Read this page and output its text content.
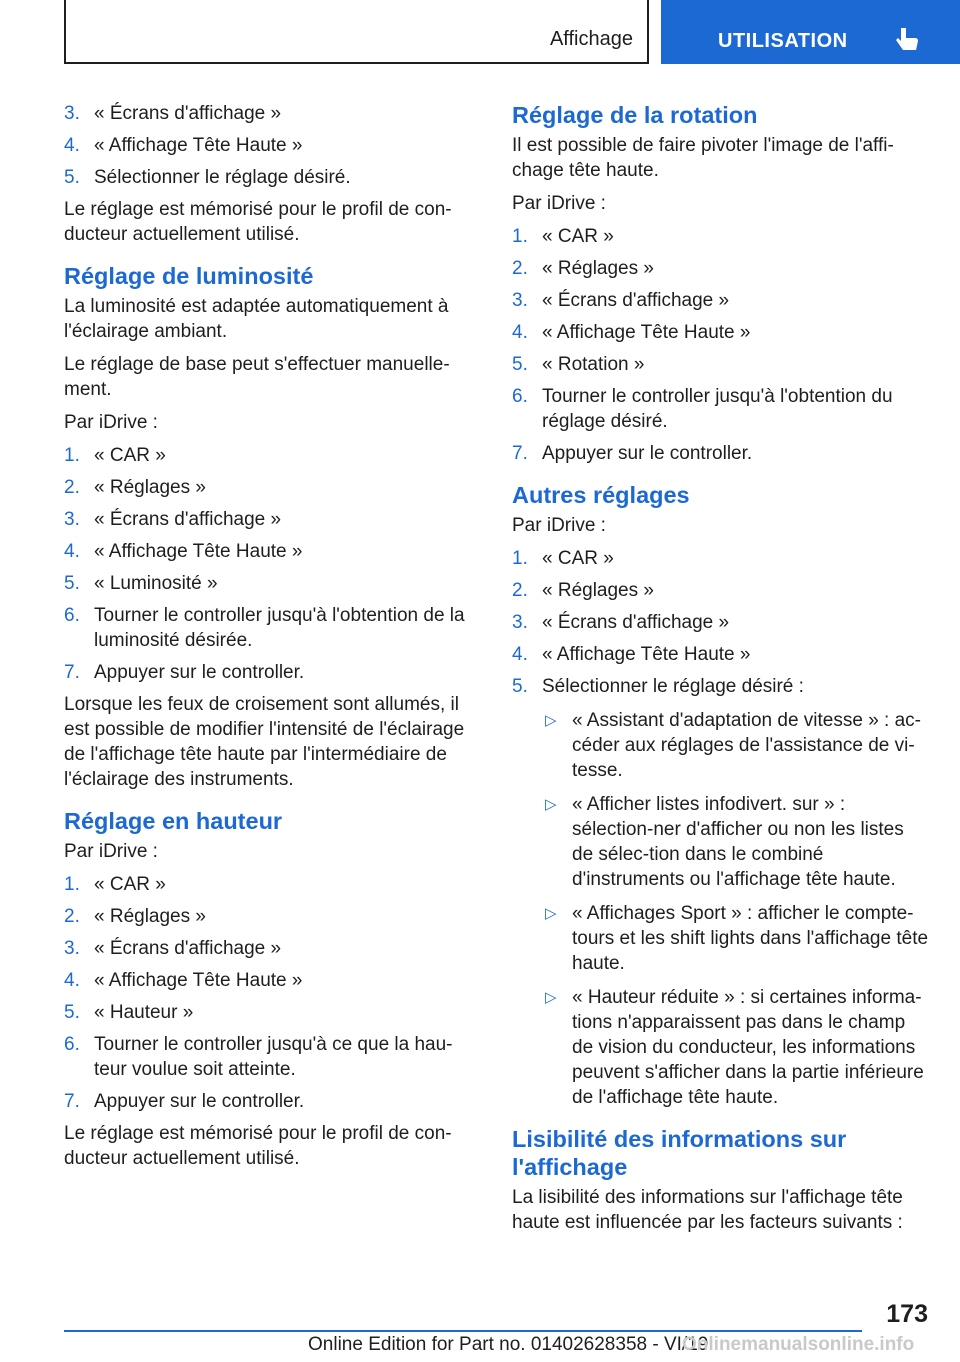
Affichage	UTILISATION
3. « Écrans d'affichage »
4. « Affichage Tête Haute »
5. Sélectionner le réglage désiré.

Le réglage est mémorisé pour le profil de con‐ducteur actuellement utilisé.

Réglage de luminosité

La luminosité est adaptée automatiquement à l'éclairage ambiant.

Le réglage de base peut s'effectuer manuelle‐ment.

Par iDrive :

1. « CAR »
2. « Réglages »
3. « Écrans d'affichage »
4. « Affichage Tête Haute »
5. « Luminosité »
6. Tourner le controller jusqu'à l'obtention de la luminosité désirée.
7. Appuyer sur le controller.

Lorsque les feux de croisement sont allumés, il est possible de modifier l'intensité de l'éclairage de l'affichage tête haute par l'intermédiaire de l'éclairage des instruments.

Réglage en hauteur

Par iDrive :

1. « CAR »
2. « Réglages »
3. « Écrans d'affichage »
4. « Affichage Tête Haute »
5. « Hauteur »
6. Tourner le controller jusqu'à ce que la hau‐teur voulue soit atteinte.
7. Appuyer sur le controller.

Le réglage est mémorisé pour le profil de con‐ducteur actuellement utilisé.

Réglage de la rotation

Il est possible de faire pivoter l'image de l'affi‐chage tête haute.

Par iDrive :

1. « CAR »
2. « Réglages »
3. « Écrans d'affichage »
4. « Affichage Tête Haute »
5. « Rotation »
6. Tourner le controller jusqu'à l'obtention du réglage désiré.
7. Appuyer sur le controller.
Autres réglages

Par iDrive :

1. « CAR »
2. « Réglages »
3. « Écrans d'affichage »
4. « Affichage Tête Haute »
5. Sélectionner le réglage désiré :
▷ « Assistant d'adaptation de vitesse » : ac‐céder aux réglages de l'assistance de vi‐tesse.
▷ « Afficher listes infodivert. sur » : sélection‐ner d'afficher ou non les listes de sélec‐tion dans le combiné d'instruments ou l'affichage tête haute.
▷ « Affichages Sport » : afficher le compte-tours et les shift lights dans l'affichage tête haute.
▷ « Hauteur réduite » : si certaines informa‐tions n'apparaissent pas dans le champ de vision du conducteur, les informations peuvent s'afficher dans la partie inférieure de l'affichage tête haute.
Lisibilité des informations sur l'affichage

La lisibilité des informations sur l'affichage tête haute est influencée par les facteurs suivants :

173
Online Edition for Part no. 01402628358 - VI/19
Onlinemanualsonline.info
